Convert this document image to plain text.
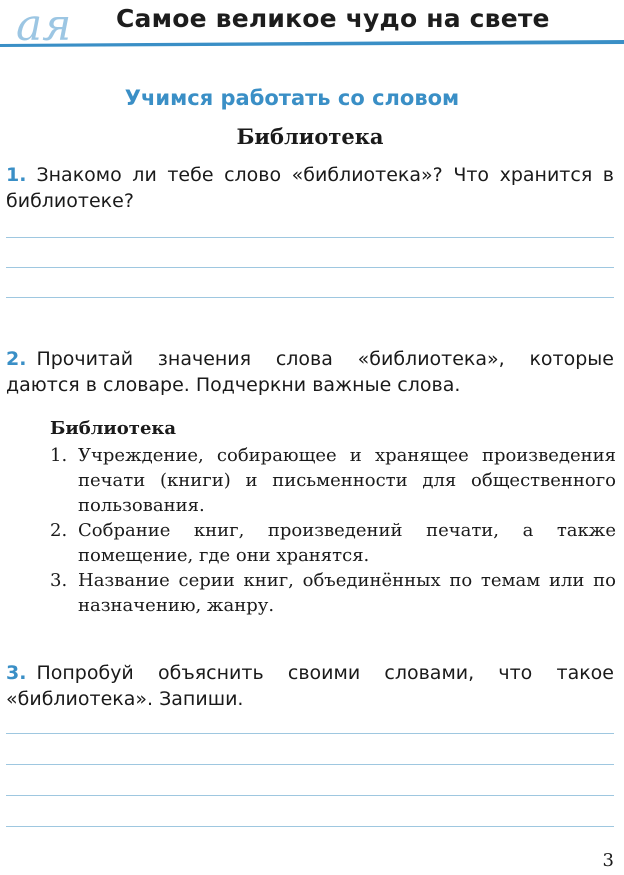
ая Самое великое чудо на свете
Учимся работать со словом
Библиотека
1. Знакомо ли тебе слово «библиотека»? Что хранится в библиотеке?
2. Прочитай значения слова «библиотека», которые даются в словаре. Подчеркни важные слова.
Библиотека
1. Учреждение, собирающее и хранящее произведения печати (книги) и письменности для общественного пользования.
2. Собрание книг, произведений печати, а также помещение, где они хранятся.
3. Название серии книг, объединённых по темам или по назначению, жанру.
3. Попробуй объяснить своими словами, что такое «библиотека». Запиши.
3
